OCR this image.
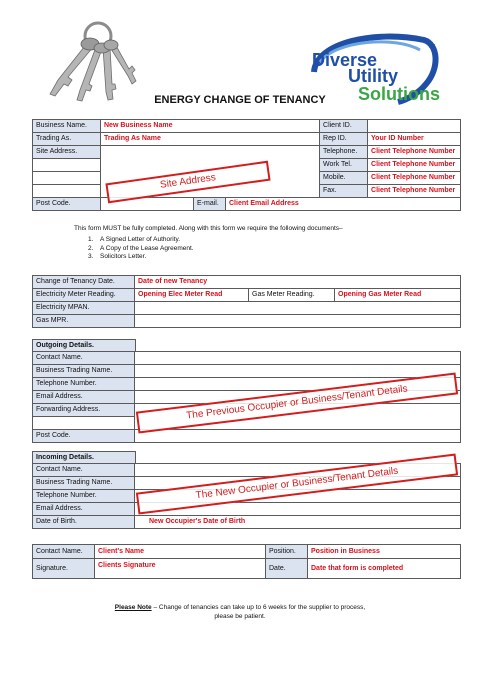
Diverse
Utility
Solutions
TM
ENERGY CHANGE OF TENANCY
Business Name.	New Business Name			Client ID.	
Trading As.	Trading As Name			Rep ID.	Your ID Number
Site Address.				Telephone.	Client Telephone Number
				Work Tel.	Client Telephone Number
				Mobile.	Client Telephone Number
				Fax.	Client Telephone Number
Post Code.		E-mail.	Client Email Address		
Site Address
This form MUST be fully completed. Along with this form we require the following documents–
1. A Signed Letter of Authority.
2. A Copy of the Lease Agreement.
3. Solicitors Letter.
Change of Tenancy Date.	Date of new Tenancy		
Electricity Meter Reading.	Opening Elec Meter Read	Gas Meter Reading.	Opening Gas Meter Read
Electricity MPAN.			
Gas MPR.			
Outgoing Details.
Contact Name.	
Business Trading Name.	
Telephone Number.	
Email Address.	
Forwarding Address.	

Post Code.	
The Previous Occupier or Business/Tenant Details
Incoming Details.
Contact Name.	
Business Trading Name.	
Telephone Number.	
Email Address.	
Date of Birth.	New Occupier's Date of Birth
The New Occupier or Business/Tenant Details
Contact Name.	Client's Name	Position.	Position in Business
Signature.	Clients Signature	Date.	Date that form is completed
Please Note – Change of tenancies can take up to 6 weeks for the supplier to process,
please be patient.
